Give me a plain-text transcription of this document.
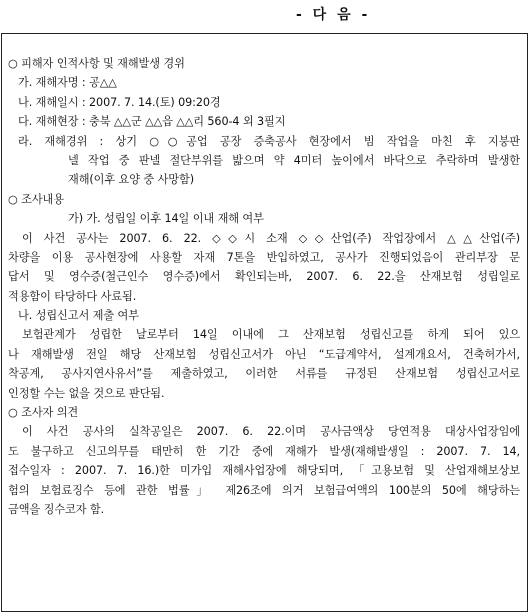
- 다 음 -
○ 피해자 인적사항 및 재해발생 경위
가. 재해자명 : 공△△
나. 재해일시 : 2007. 7. 14.(토) 09:20경
다. 재해현장 : 충북 △△군 △△읍 △△리 560-4 외 3필지
라. 재해경위 : 상기 ○○공업 공장 증축공사 현장에서 빔 작업을 마친 후 지붕판
넬 작업 중 판넬 절단부위를 밟으며 약 4미터 높이에서 바닥으로 추락하며 발생한
재해(이후 요양 중 사망함)
○ 조사내용
가) 가. 성립일 이후 14일 이내 재해 여부
이 사건 공사는 2007. 6. 22. ◇◇시 소재 ◇◇산업(주) 작업장에서 △△산업(주)
차량을 이용 공사현장에 사용할 자재 7톤을 반입하였고, 공사가 진행되었음이 관리부장 문
답서 및 영수증(철근인수 영수증)에서 확인되는바, 2007. 6. 22.을 산재보험 성립일로
적용함이 타당하다 사료됨.
나. 성립신고서 제출 여부
보험관계가 성립한 날로부터 14일 이내에 그 산재보험 성립신고를 하게 되어 있으
나 재해발생 전일 해당 산재보험 성립신고서가 아닌 “도급계약서, 설계개요서, 건축허가서,
착공계, 공사지연사유서”를 제출하였고, 이러한 서류를 규정된 산재보험 성립신고서로
인정할 수는 없을 것으로 판단됨.
○ 조사자 의견
이 사건 공사의 실착공일은 2007. 6. 22.이며 공사금액상 당연적용 대상사업장임에
도 불구하고 신고의무를 태만히 한 기간 중에 재해가 발생(재해발생일 : 2007. 7. 14,
접수일자 : 2007. 7. 16.)한 미가입 재해사업장에 해당되며, 「고용보험 및 산업재해보상보
험의 보험료징수 등에 관한 법률」 제26조에 의거 보험급여액의 100분의 50에 해당하는
금액을 징수코자 함.
